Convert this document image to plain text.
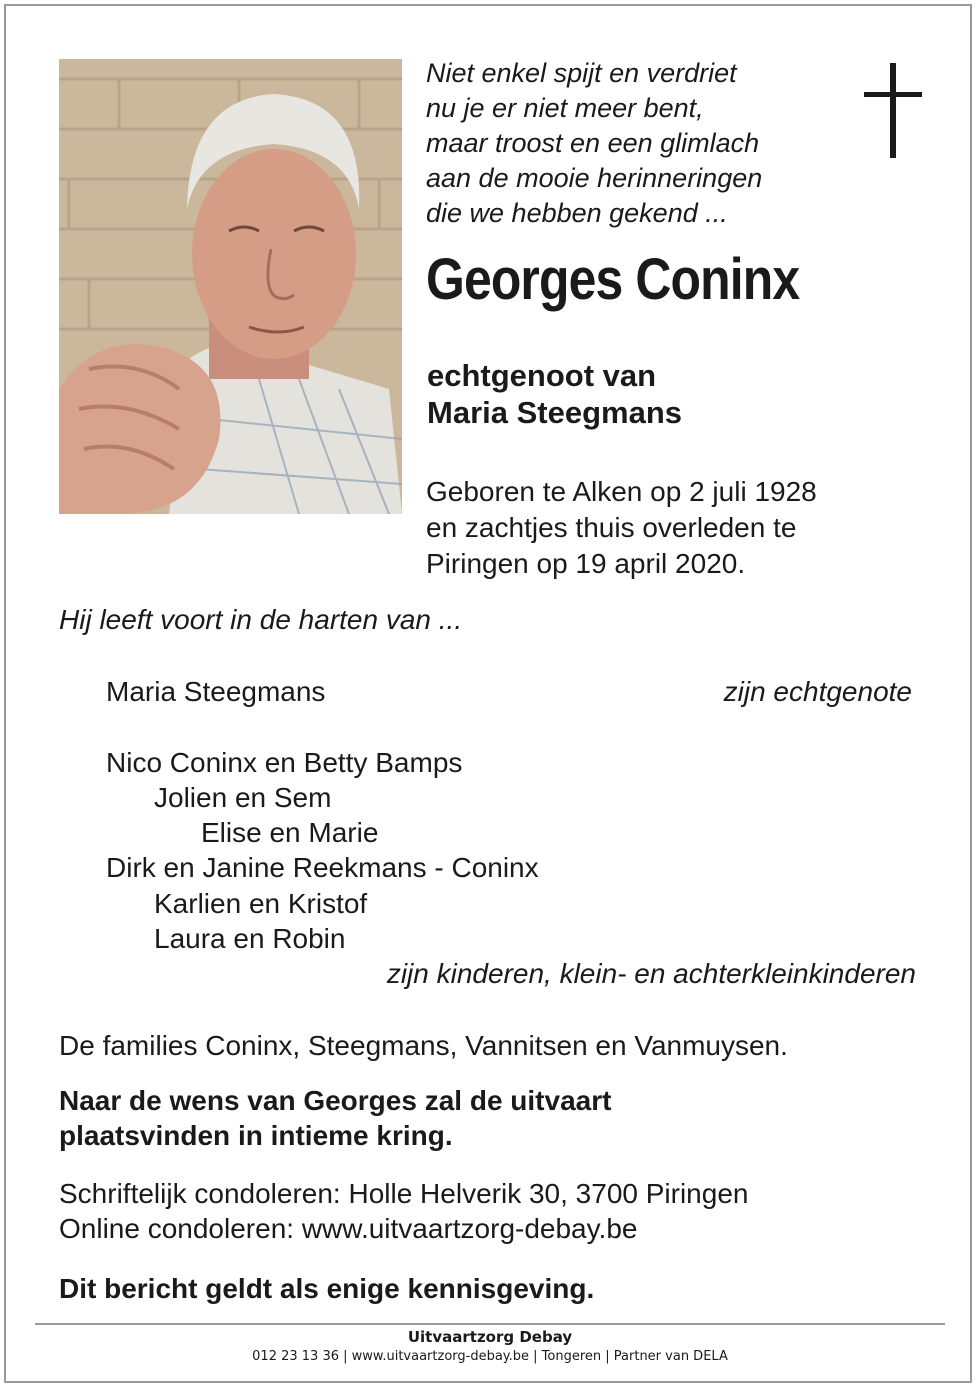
Niet enkel spijt en verdriet
nu je er niet meer bent,
maar troost en een glimlach
aan de mooie herinneringen
die we hebben gekend ...
Georges Coninx
echtgenoot van
Maria Steegmans
Geboren te Alken op 2 juli 1928
en zachtjes thuis overleden te
Piringen op 19 april 2020.
Hij leeft voort in de harten van ...
Maria Steegmans	zijn echtgenote
Nico Coninx en Betty Bamps
Jolien en Sem
Elise en Marie
Dirk en Janine Reekmans - Coninx
Karlien en Kristof
Laura en Robin
zijn kinderen, klein- en achterkleinkinderen
De families Coninx, Steegmans, Vannitsen en Vanmuysen.
Naar de wens van Georges zal de uitvaart
plaatsvinden in intieme kring.
Schriftelijk condoleren: Holle Helverik 30, 3700 Piringen
Online condoleren: www.uitvaartzorg-debay.be
Dit bericht geldt als enige kennisgeving.
Uitvaartzorg Debay
012 23 13 36 | www.uitvaartzorg-debay.be | Tongeren | Partner van DELA
